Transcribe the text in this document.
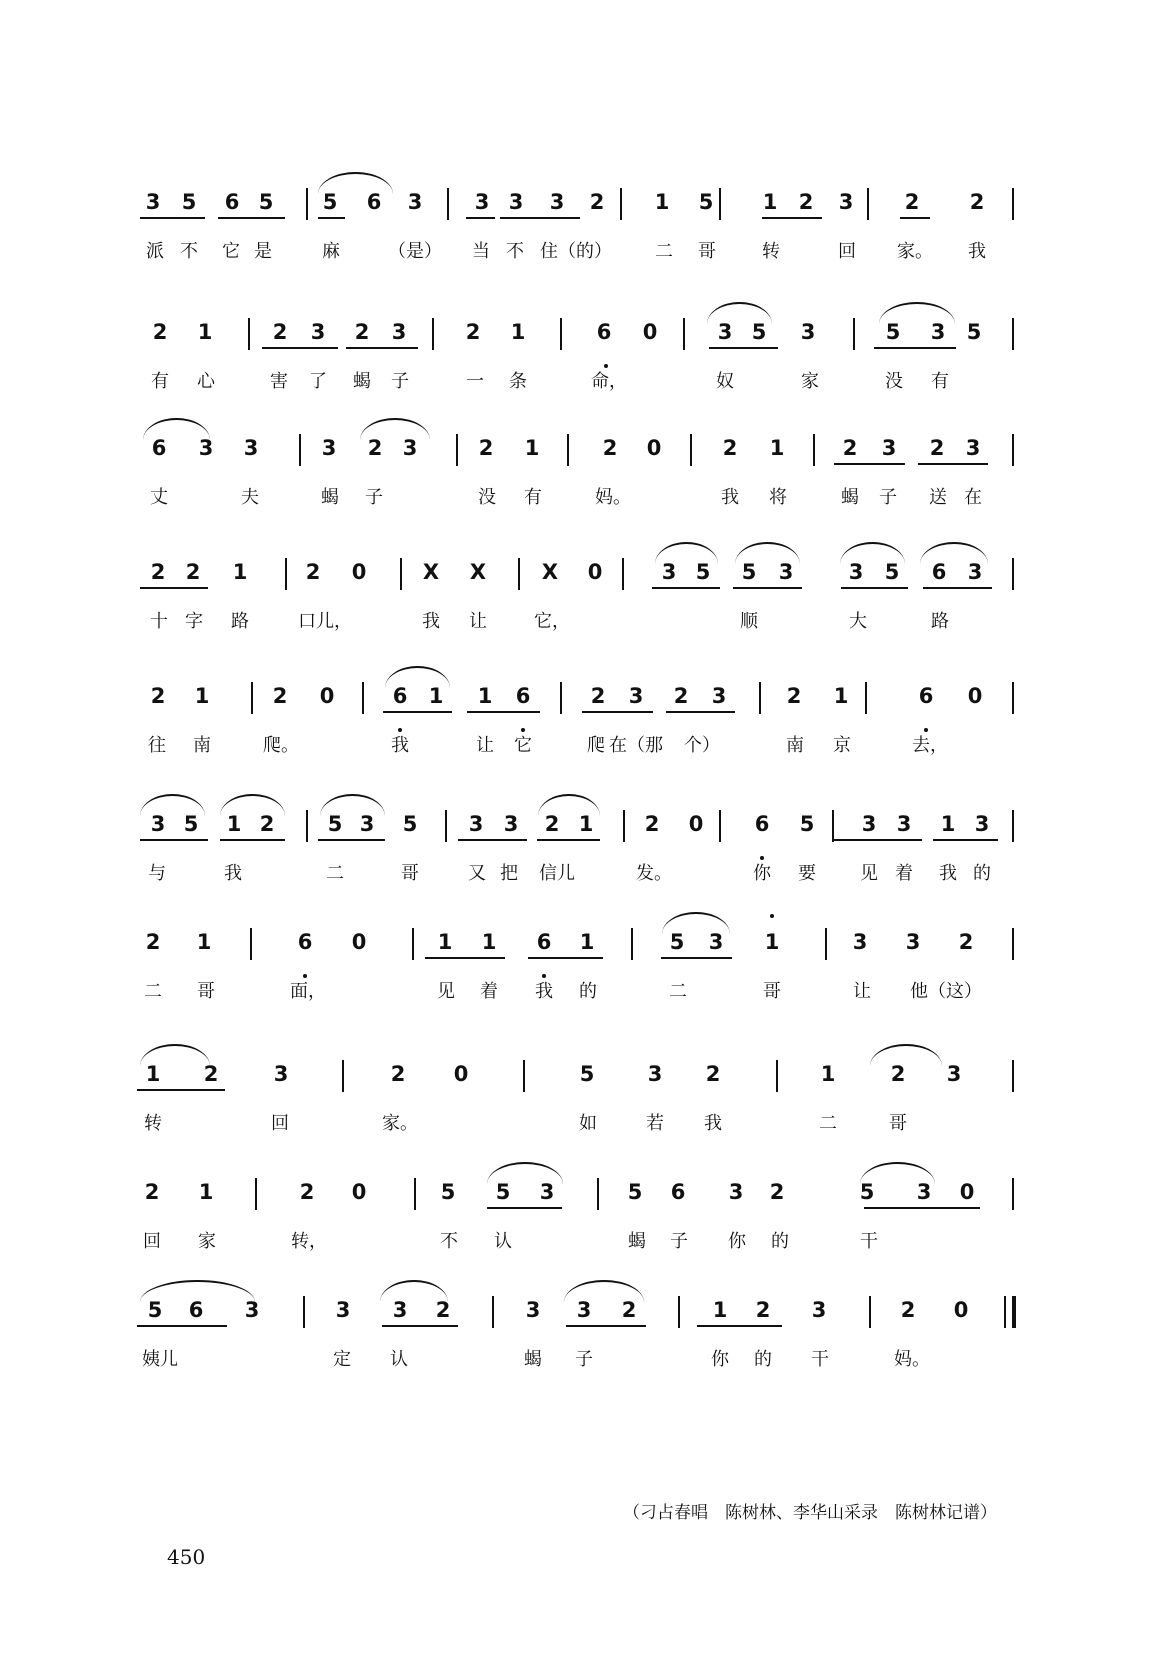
3 5 6 5 5 6 3 3 3 3 2 1 5 1 2 3 2 2
派 不 它 是	麻	（是） 当 不 住（的） 二 哥	转	回 家。 我
2 1	2 3 2 3	2 1	6 0	3 5 3	5 3 5
有 心	害 了 蝎 子	一 条	命，	奴	家	没 有
6 3 3	3 2 3	2 1	2 0	2 1	2 3 2 3
丈	夫	蝎 子	没 有	妈。	我 将	蝎 子 送 在
2 2 1	2 0	X X	X 0	3 5 5 3	3 5 6 3
十 字 路	口儿，	我 让	它，	顺	大	路
2 1	2 0	6 1 1 6	2 3 2 3	2 1	6 0
往 南	爬。	我	让 它	爬 在（那 个）	南 京	去，
3 5 1 2	5 3 5 3 3 2 1 2 0 6 5 3 3 1 3
与	我	二	哥	又 把 信儿	发。	你 要 见 着 我 的
2 1	6 0	1 1 6 1	5 3 1	3 3 2
二 哥	面，	见 着 我 的	二	哥	让 他（这）
1 2	3	2 0	5	3 2	1	2 3
转	回	家。	如	若 我	二	哥
2 1	2 0	5 5 3	5 6 3 2	5 3 0
回 家	转，	不 认	蝎 子 你 的	干
5 6 3	3 3 2	3 3 2	1 2 3	2 0
姨儿	定 认	蝎 子	你 的 干	妈。
（刁占春唱　陈树林、李华山采录　陈树林记谱）
450
